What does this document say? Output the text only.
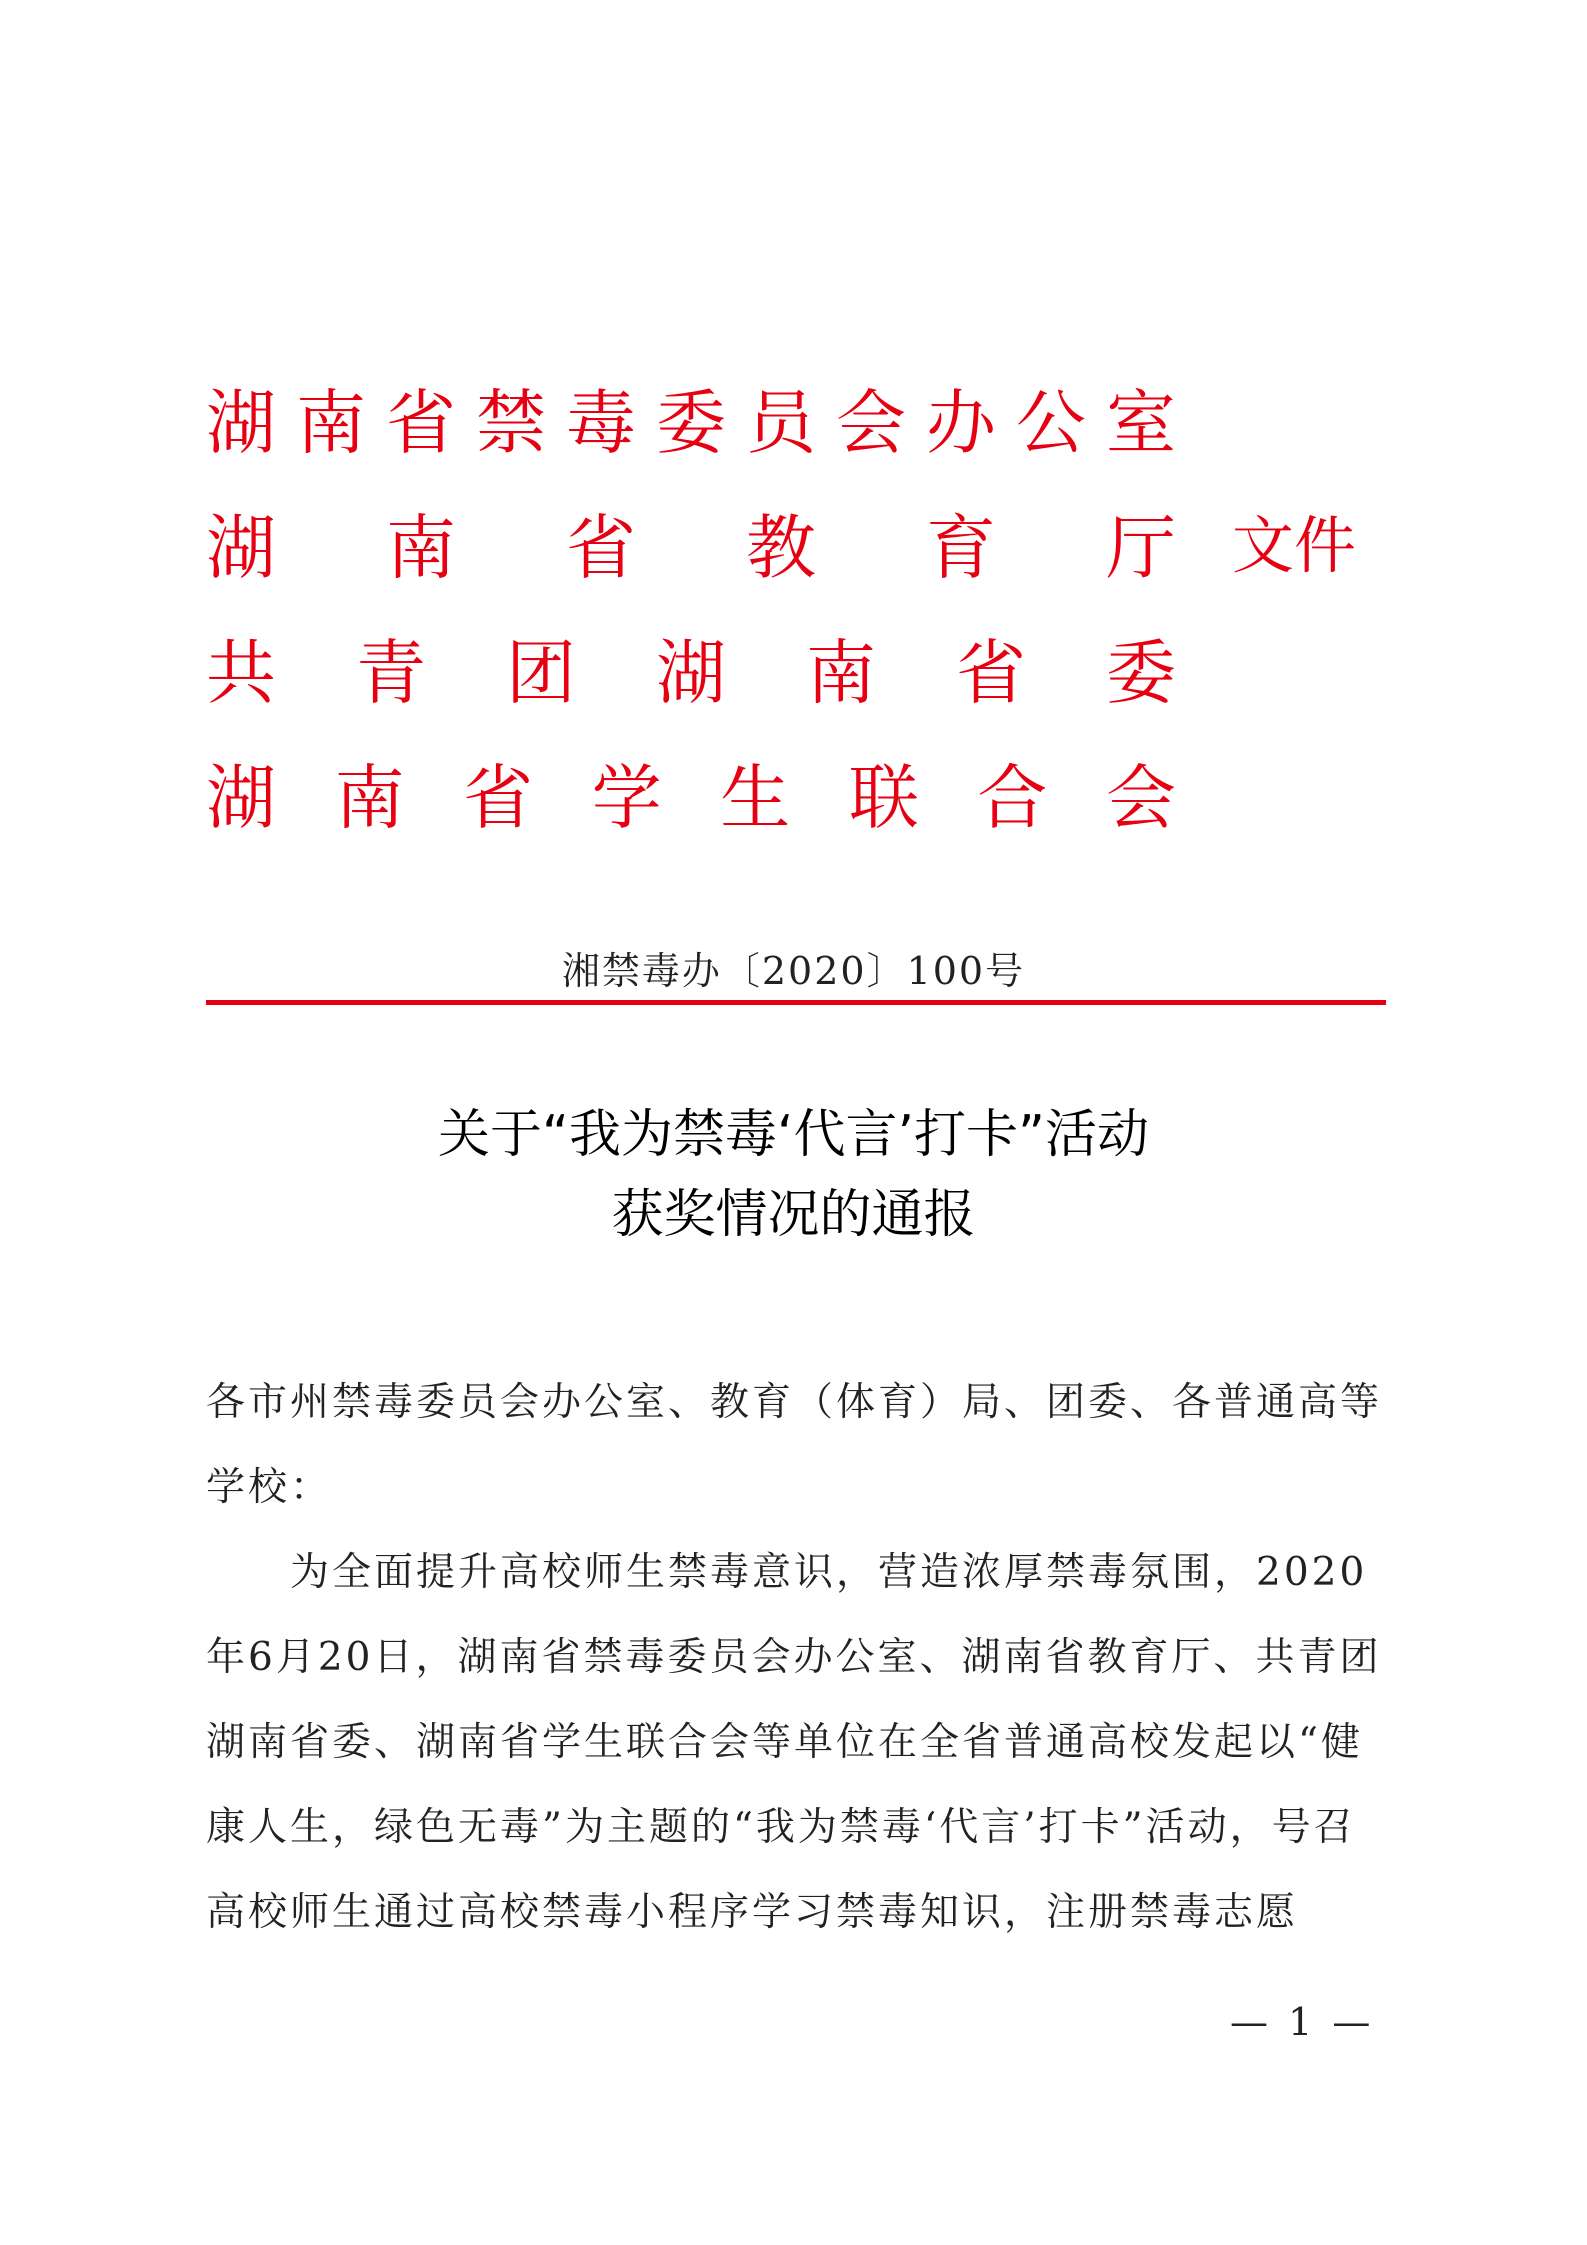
湖 南 省 禁 毒 委 员 会 办 公 室
湖 南 省 教 育 厅
共 青 团 湖 南 省 委
湖 南 省 学 生 联 合 会
文件
湘禁毒办〔2020〕100号
关于“我为禁毒‘代言’打卡”活动
获奖情况的通报

各市州禁毒委员会办公室、教育（体育）局、团委、各普通高等学校：

为全面提升高校师生禁毒意识，营造浓厚禁毒氛围，2020年6月20日，湖南省禁毒委员会办公室、湖南省教育厅、共青团湖南省委、湖南省学生联合会等单位在全省普通高校发起以“健康人生，绿色无毒”为主题的“我为禁毒‘代言’打卡”活动，号召高校师生通过高校禁毒小程序学习禁毒知识，注册禁毒志愿

— 1 —
